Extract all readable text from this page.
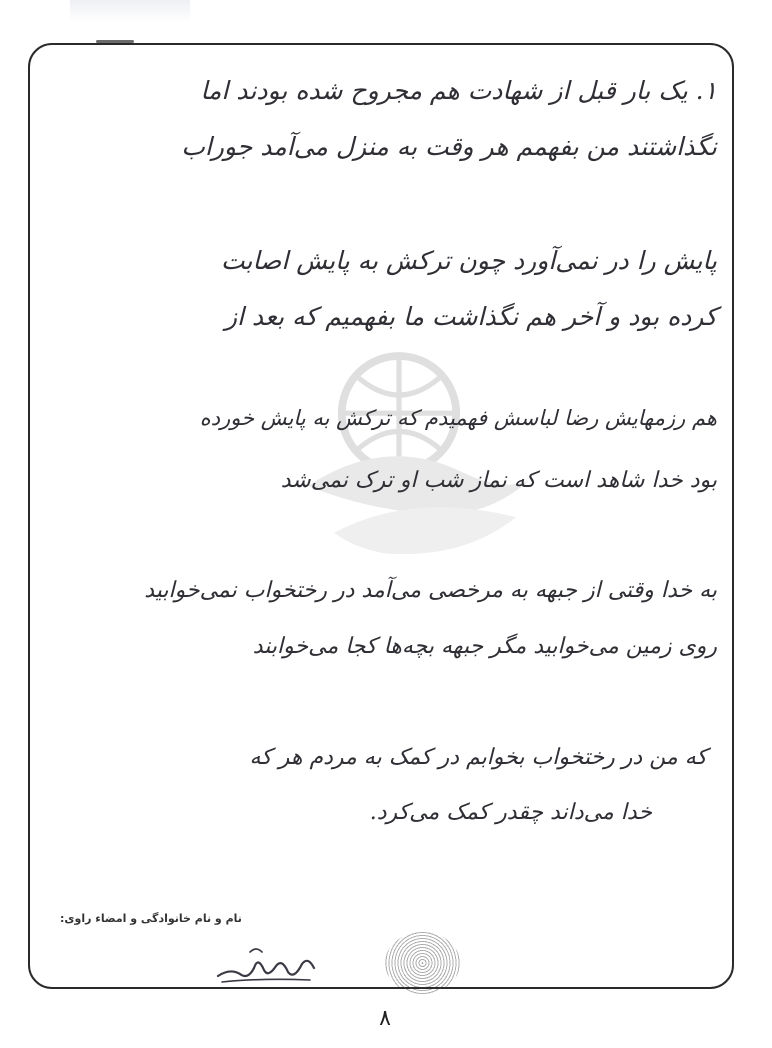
۱. یک بار قبل از شهادت هم مجروح شده بودند اما
نگذاشتند من بفهمم هر وقت به منزل می‌آمد جوراب
پایش را در نمی‌آورد چون ترکش به پایش اصابت
کرده بود و آخر هم نگذاشت ما بفهمیم که بعد از
هم رزمهایش رضا لباسش فهمیدم که ترکش به پایش خورده
بود خدا شاهد است که نماز شب او ترک نمی‌شد
به خدا وقتی از جبهه به مرخصی می‌آمد در رختخواب نمی‌خوابید
روی زمین می‌خوابید مگر جبهه بچه‌ها کجا می‌خوابند
که من در رختخواب بخوابم در کمک به مردم هر که
خدا می‌داند چقدر کمک می‌کرد.
نام و نام خانوادگی و امضاء راوی:
۸
